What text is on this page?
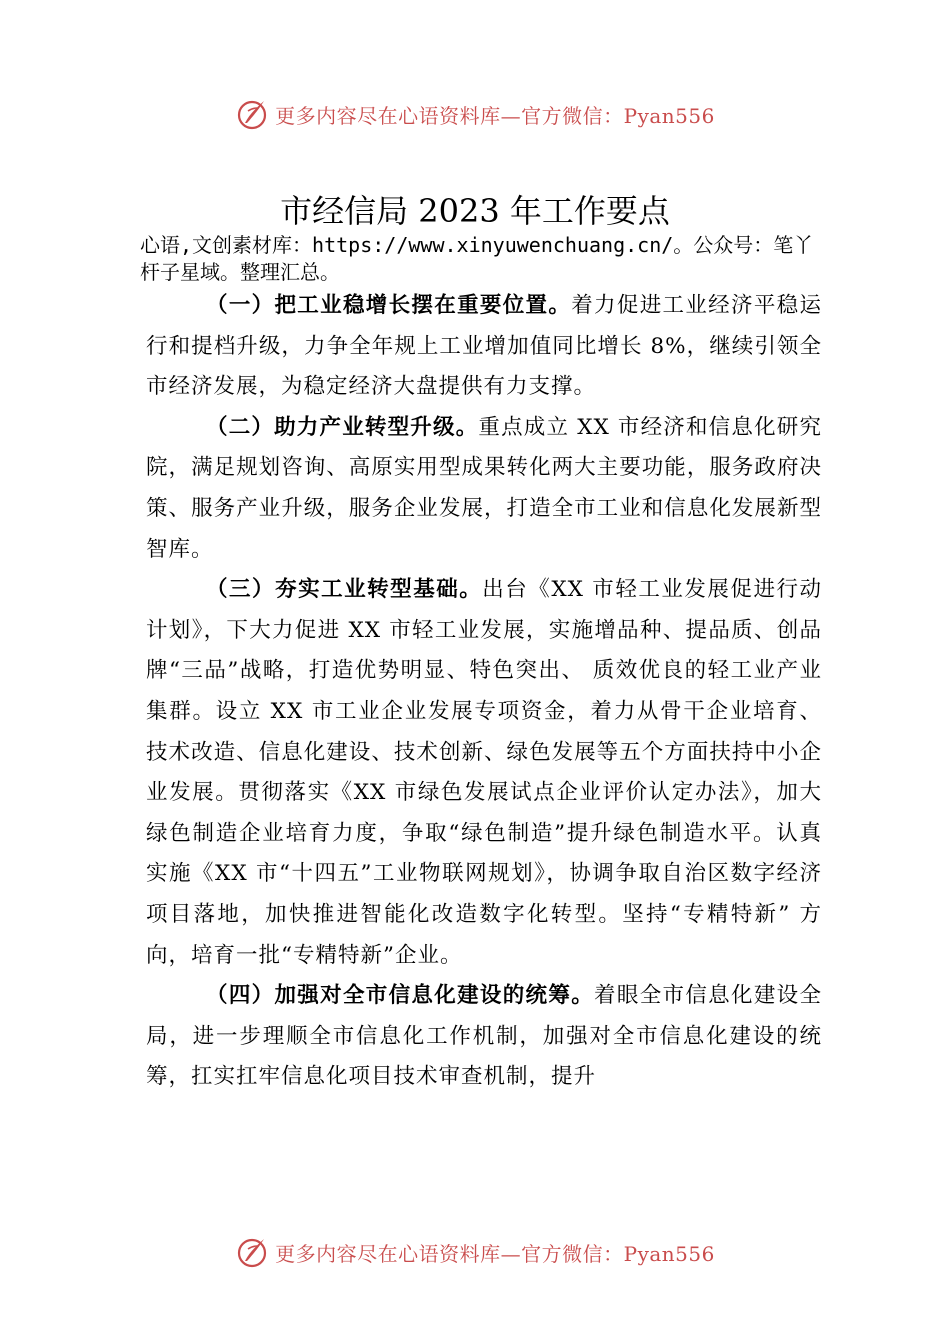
更多内容尽在心语资料库—官方微信：Pyan556
市经信局 2023 年工作要点
心语,文创素材库：https://www.xinyuwenchuang.cn/。公众号：笔丫杆子星域。整理汇总。

（一）把工业稳增长摆在重要位置。着力促进工业经济平稳运行和提档升级，力争全年规上工业增加值同比增长 8%，继续引领全市经济发展，为稳定经济大盘提供有力支撑。

（二）助力产业转型升级。重点成立 XX 市经济和信息化研究院，满足规划咨询、高原实用型成果转化两大主要功能，服务政府决策、服务产业升级，服务企业发展，打造全市工业和信息化发展新型智库。

（三）夯实工业转型基础。出台《XX 市轻工业发展促进行动计划》，下大力促进 XX 市轻工业发展，实施增品种、提品质、创品牌“三品”战略，打造优势明显、特色突出、 质效优良的轻工业产业集群。设立 XX 市工业企业发展专项资金，着力从骨干企业培育、技术改造、信息化建设、技术创新、绿色发展等五个方面扶持中小企业发展。贯彻落实《XX 市绿色发展试点企业评价认定办法》，加大绿色制造企业培育力度，争取“绿色制造”提升绿色制造水平。认真实施《XX 市“十四五”工业物联网规划》，协调争取自治区数字经济项目落地，加快推进智能化改造数字化转型。坚持“专精特新” 方向，培育一批“专精特新”企业。

（四）加强对全市信息化建设的统筹。着眼全市信息化建设全局，进一步理顺全市信息化工作机制，加强对全市信息化建设的统筹，扛实扛牢信息化项目技术审查机制，提升

更多内容尽在心语资料库—官方微信：Pyan556
